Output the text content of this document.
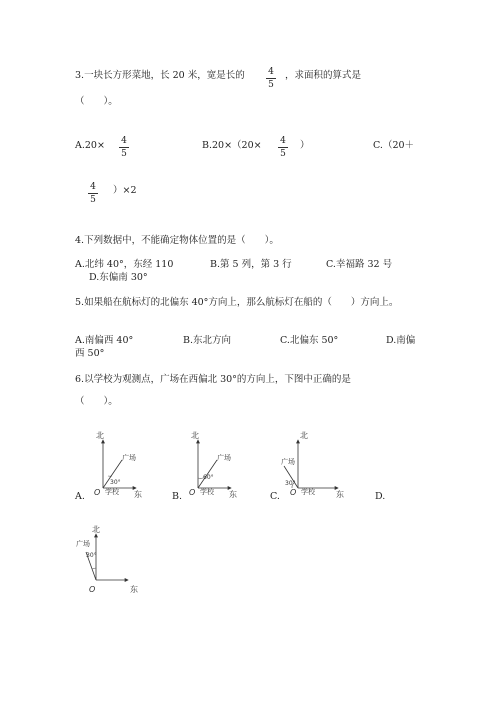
3.一块长方形菜地，长 20 米，宽是长的	4
5
，求面积的算式是
（　　）。
A.20× 4
5
B.20×（20× 4
5
）	C.（20＋
4
5
）×2
4.下列数据中，不能确定物体位置的是（　　）。
A.北纬 40°，东经 110	B.第 5 列，第 3 行	C.幸福路 32 号
D.东偏南 30°
5.如果船在航标灯的北偏东 40°方向上，那么航标灯在船的（　　）方向上。
A.南偏西 40°	B.东北方向	C.北偏东 50°	D.南偏
西 50°
6.以学校为观测点，广场在西偏北 30°的方向上，下图中正确的是
（　　）。
A.	B.	C.	D.
北
东
O 学校
广场
30°
北
东
O 学校
广场
60°
北
东
O 学校
广场
30°
北
东
O
广场
30°
